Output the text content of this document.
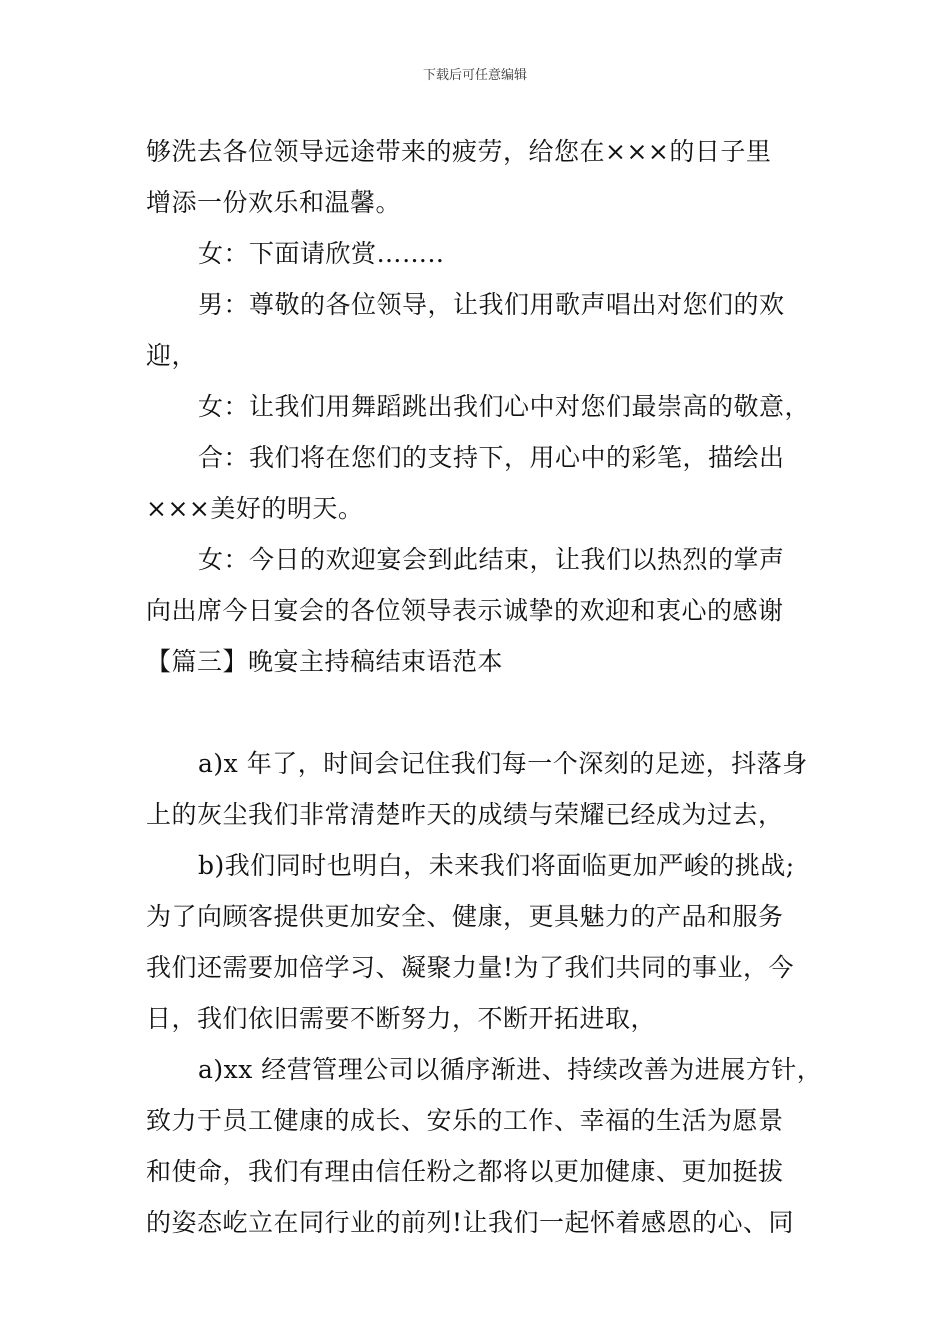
下载后可任意编辑
够洗去各位领导远途带来的疲劳，给您在×××的日子里
增添一份欢乐和温馨。
女：下面请欣赏…….．
男：尊敬的各位领导，让我们用歌声唱出对您们的欢
迎，
女：让我们用舞蹈跳出我们心中对您们最崇高的敬意，
合：我们将在您们的支持下，用心中的彩笔，描绘出
×××美好的明天。
女：今日的欢迎宴会到此结束，让我们以热烈的掌声
向出席今日宴会的各位领导表示诚挚的欢迎和衷心的感谢
【篇三】晚宴主持稿结束语范本
a)x 年了，时间会记住我们每一个深刻的足迹，抖落身
上的灰尘我们非常清楚昨天的成绩与荣耀已经成为过去，
b)我们同时也明白，未来我们将面临更加严峻的挑战;
为了向顾客提供更加安全、健康，更具魅力的产品和服务
我们还需要加倍学习、凝聚力量!为了我们共同的事业，今
日，我们依旧需要不断努力，不断开拓进取，
a)xx 经营管理公司以循序渐进、持续改善为进展方针，
致力于员工健康的成长、安乐的工作、幸福的生活为愿景
和使命，我们有理由信任粉之都将以更加健康、更加挺拔
的姿态屹立在同行业的前列!让我们一起怀着感恩的心、同
